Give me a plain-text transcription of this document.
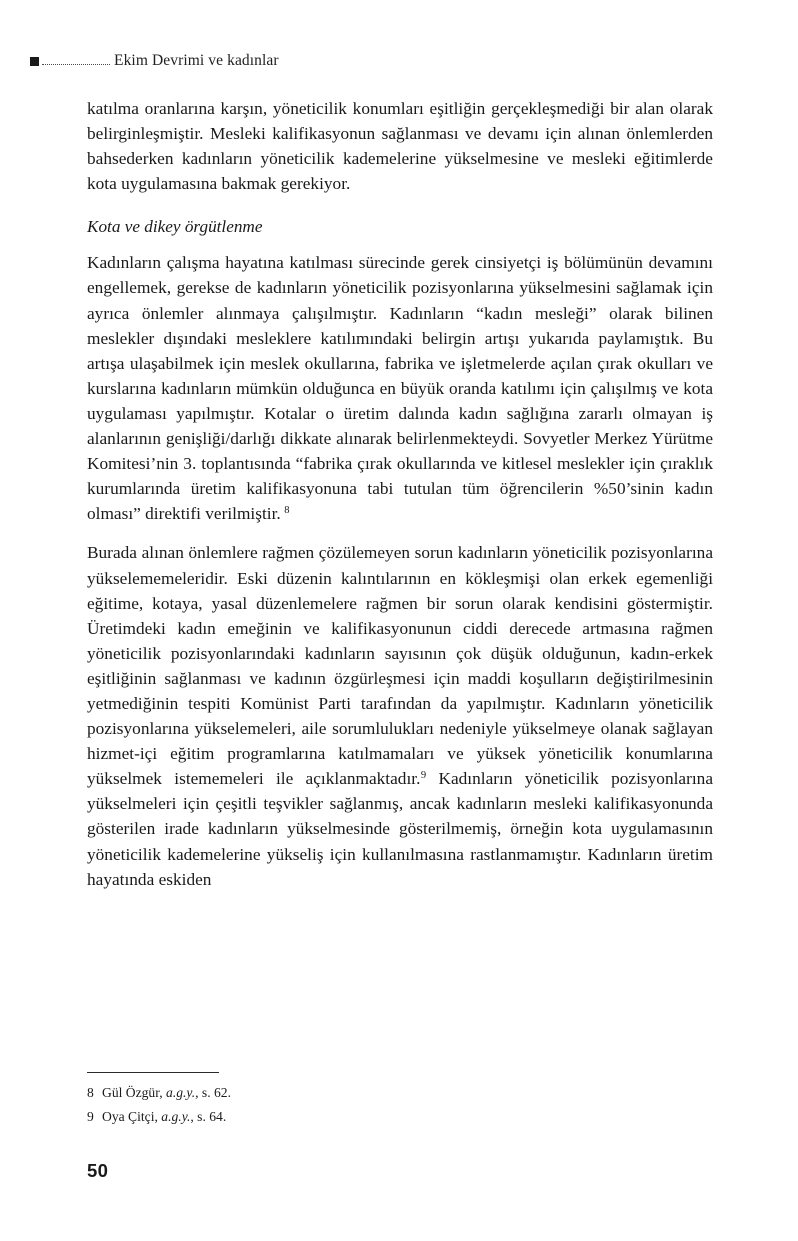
Ekim Devrimi ve kadınlar

katılma oranlarına karşın, yöneticilik konumları eşitliğin gerçekleşmediği bir alan olarak belirginleşmiştir. Mesleki kalifikasyonun sağlanması ve devamı için alınan önlemlerden bahsederken kadınların yöneticilik kademelerine yükselmesine ve mesleki eğitimlerde kota uygulamasına bakmak gerekiyor.

Kota ve dikey örgütlenme

Kadınların çalışma hayatına katılması sürecinde gerek cinsiyetçi iş bölümünün devamını engellemek, gerekse de kadınların yöneticilik pozisyonlarına yükselmesini sağlamak için ayrıca önlemler alınmaya çalışılmıştır. Kadınların “kadın mesleği” olarak bilinen meslekler dışındaki mesleklere katılımındaki belirgin artışı yukarıda paylamıştık. Bu artışa ulaşabilmek için meslek okullarına, fabrika ve işletmelerde açılan çırak okulları ve kurslarına kadınların mümkün olduğunca en büyük oranda katılımı için çalışılmış ve kota uygulaması yapılmıştır. Kotalar o üretim dalında kadın sağlığına zararlı olmayan iş alanlarının genişliği/darlığı dikkate alınarak belirlenmekteydi. Sovyetler Merkez Yürütme Komitesi’nin 3. toplantısında “fabrika çırak okullarında ve kitlesel meslekler için çıraklık kurumlarında üretim kalifikasyonuna tabi tutulan tüm öğrencilerin %50’sinin kadın olması” direktifi verilmiştir. $^8$

Burada alınan önlemlere rağmen çözülemeyen sorun kadınların yöneticilik pozisyonlarına yükselememeleridir. Eski düzenin kalıntılarının en kökleşmişi olan erkek egemenliği eğitime, kotaya, yasal düzenlemelere rağmen bir sorun olarak kendisini göstermiştir. Üretimdeki kadın emeğinin ve kalifikasyonunun ciddi derecede artmasına rağmen yöneticilik pozisyonlarındaki kadınların sayısının çok düşük olduğunun, kadın-erkek eşitliğinin sağlanması ve kadının özgürleşmesi için maddi koşulların değiştirilmesinin yetmediğinin tespiti Komünist Parti tarafından da yapılmıştır. Kadınların yöneticilik pozisyonlarına yükselemeleri, aile sorumlulukları nedeniyle yükselmeye olanak sağlayan hizmet-içi eğitim programlarına katılmamaları ve yüksek yöneticilik konumlarına yükselmek istememeleri ile açıklanmaktadır.$^9$ Kadınların yöneticilik pozisyonlarına yükselmeleri için çeşitli teşvikler sağlanmış, ancak kadınların mesleki kalifikasyonunda gösterilen irade kadınların yükselmesinde gösterilmemiş, örneğin kota uygulamasının yöneticilik kademelerine yükseliş için kullanılmasına rastlanmamıştır. Kadınların üretim hayatında eskiden

8 Gül Özgür, a.g.y., s. 62.
9 Oya Çitçi, a.g.y., s. 64.
50
